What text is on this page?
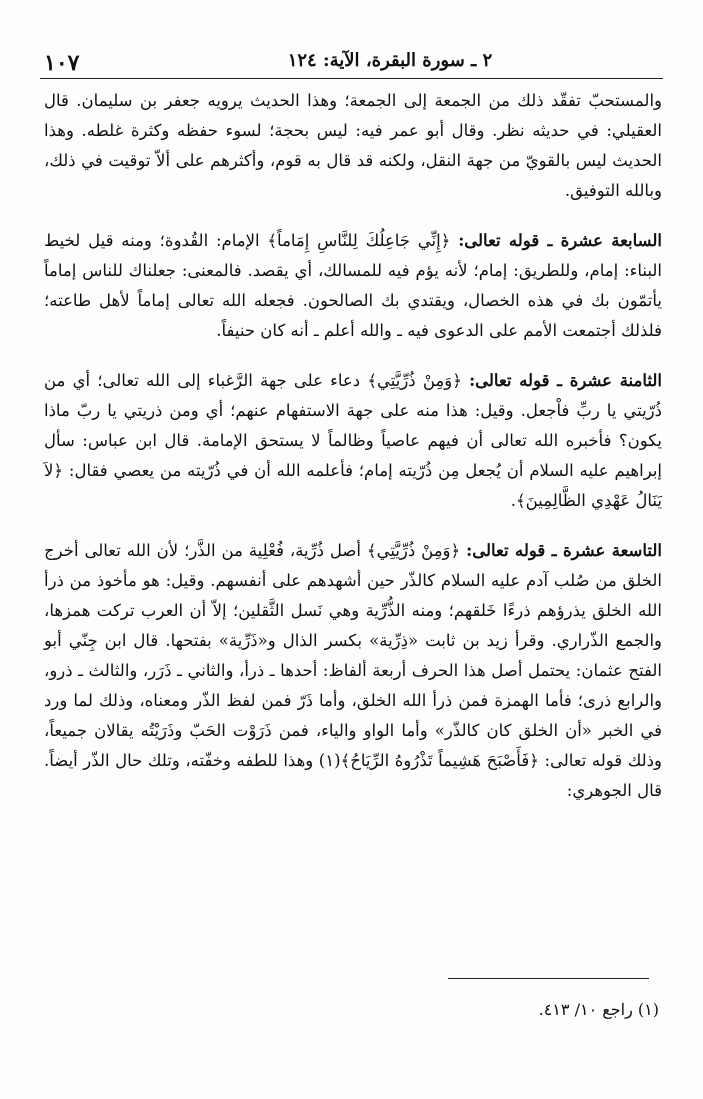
١٠٧	٢ ـ سورة البقرة، الآية: ١٢٤

والمستحبّ تفقّد ذلك من الجمعة إلى الجمعة؛ وهذا الحديث يرويه جعفر بن سليمان. قال العقيلي: في حديثه نظر. وقال أبو عمر فيه: ليس بحجة؛ لسوء حفظه وكثرة غلطه. وهذا الحديث ليس بالقويّ من جهة النقل، ولكنه قد قال به قوم، وأكثرهم على ألاّ توقيت في ذلك، وبالله التوفيق.

السابعة عشرة ـ قوله تعالى: ﴿إِنِّي جَاعِلُكَ لِلنَّاسِ إِمَاماً﴾ الإمام: القُدوة؛ ومنه قيل لخيط البناء: إمام، وللطريق: إمام؛ لأنه يؤم فيه للمسالك، أي يقصد. فالمعنى: جعلناك للناس إماماً يأتمّون بك في هذه الخصال، ويقتدي بك الصالحون. فجعله الله تعالى إماماً لأهل طاعته؛ فلذلك أجتمعت الأمم على الدعوى فيه ـ والله أعلم ـ أنه كان حنيفاً.

الثامنة عشرة ـ قوله تعالى: ﴿وَمِنْ ذُرِّيَّتِي﴾ دعاء على جهة الرَّغباء إلى الله تعالى؛ أي من ذُرّيتي يا ربِّ فاْجعل. وقيل: هذا منه على جهة الاستفهام عنهم؛ أي ومن ذريتي يا ربّ ماذا يكون؟ فأخبره الله تعالى أن فيهم عاصياً وظالماً لا يستحق الإمامة. قال ابن عباس: سأل إبراهيم عليه السلام أن يُجعل مِن ذُرّيته إمام؛ فأعلمه الله أن في ذُرّيته من يعصي فقال: ﴿لاَ يَنَالُ عَهْدِي الظَّالِمِينَ﴾.

التاسعة عشرة ـ قوله تعالى: ﴿وَمِنْ ذُرِّيَّتِي﴾ أصل ذُرِّية، فُعْلِية من الذَّر؛ لأن الله تعالى أخرج الخلق من صُلب آدم عليه السلام كالذّر حين أشهدهم على أنفسهم. وقيل: هو مأخوذ من ذرأ الله الخلق يذرؤهم ذرءًا خَلقهم؛ ومنه الذُّرِّية وهي نَسل الثَّقلين؛ إلاّ أن العرب تركت همزها، والجمع الذّراري. وقرأ زيد بن ثابت «ذِرِّية» بكسر الذال و«ذَرِّية» بفتحها. قال ابن جِنّي أبو الفتح عثمان: يحتمل أصل هذا الحرف أربعة ألفاظ: أحدها ـ ذرأ، والثاني ـ ذَرَر، والثالث ـ ذرو، والرابع ذرى؛ فأما الهمزة فمن ذرأ الله الخلق، وأما ذَرّ فمن لفظ الذّر ومعناه، وذلك لما ورد في الخبر «أن الخلق كان كالذّر» وأما الواو والياء، فمن ذَرَوْت الحَبّ وذَرَيْتُه يقالان جميعاً، وذلك قوله تعالى: ﴿فَأَصْبَحَ هَشِيماً تَذْرُوهُ الرِّيَاحُ﴾(١) وهذا للطفه وخفّته، وتلك حال الذّر أيضاً. قال الجوهري:

(١) راجع ١٠/ ٤١٣.
